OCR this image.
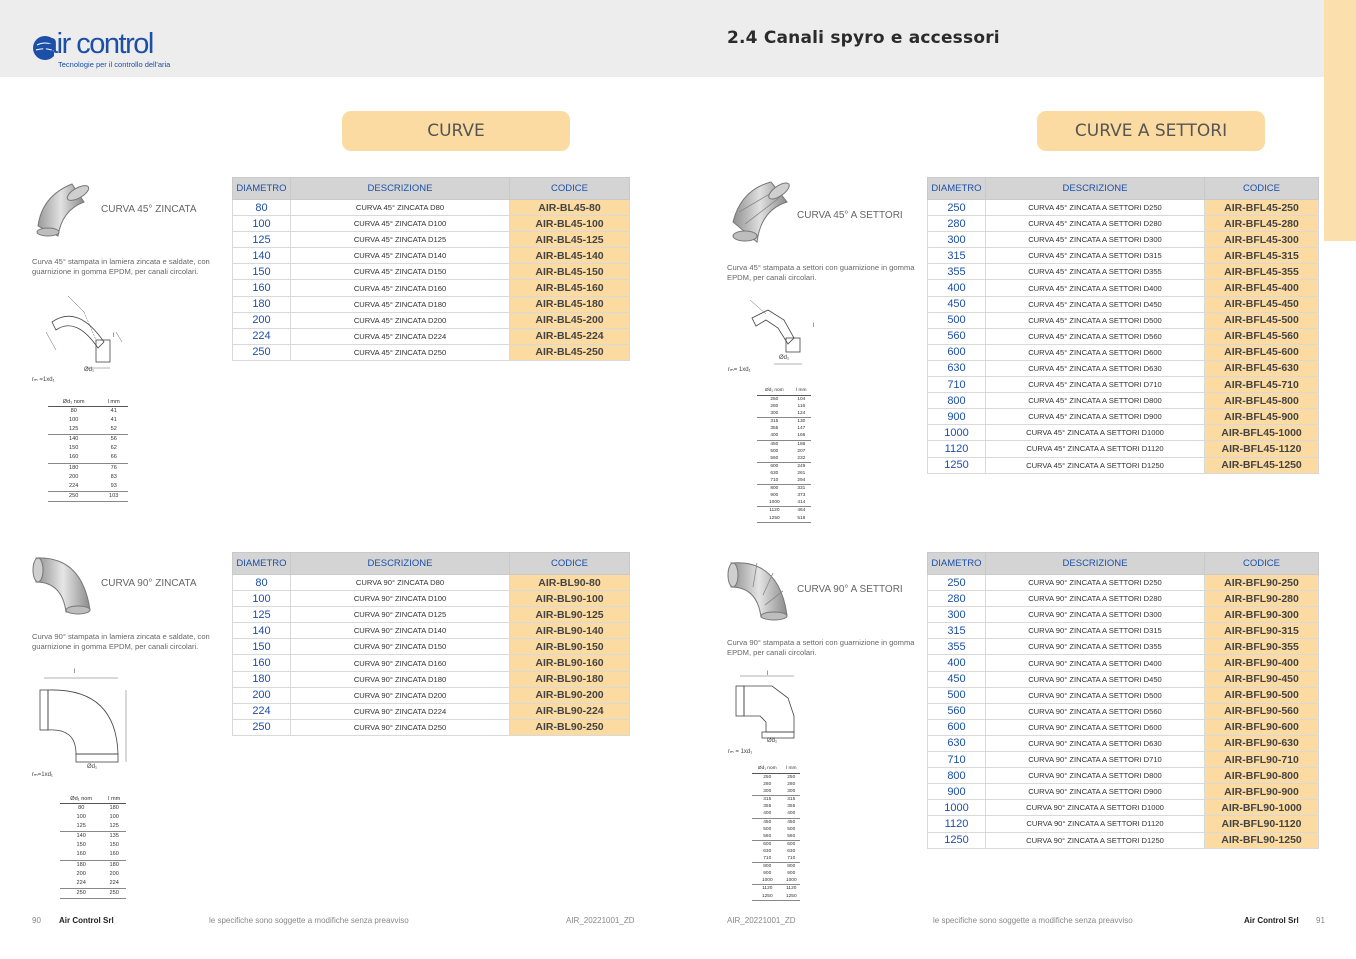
air control
Tecnologie per il controllo dell'aria
2.4 Canali spyro e accessori
CURVE	CURVE A SETTORI
CURVA 45° ZINCATA
Curva 45° stampata in lamiera zincata e saldate, con guarnizione in gomma EPDM, per canali circolari.
Ød₁
rₘ =1xd₁
l
Ød₁ nom	l mm
80	41
100	41
125	52
140	56
150	62
160	66
180	76
200	83
224	93
250	103
DIAMETRO	DESCRIZIONE	CODICE
80	CURVA 45° ZINCATA D80	AIR-BL45-80
100	CURVA 45° ZINCATA D100	AIR-BL45-100
125	CURVA 45° ZINCATA D125	AIR-BL45-125
140	CURVA 45° ZINCATA D140	AIR-BL45-140
150	CURVA 45° ZINCATA D150	AIR-BL45-150
160	CURVA 45° ZINCATA D160	AIR-BL45-160
180	CURVA 45° ZINCATA D180	AIR-BL45-180
200	CURVA 45° ZINCATA D200	AIR-BL45-200
224	CURVA 45° ZINCATA D224	AIR-BL45-224
250	CURVA 45° ZINCATA D250	AIR-BL45-250
CURVA 90° ZINCATA
Curva 90° stampata in lamiera zincata e saldate, con guarnizione in gomma EPDM, per canali circolari.
Ød₁
rₘ=1xd₁
l
Ød₁ nom	l mm
80	180
100	100
125	125
140	135
150	150
160	160
180	180
200	200
224	224
250	250
DIAMETRO	DESCRIZIONE	CODICE
80	CURVA 90° ZINCATA D80	AIR-BL90-80
100	CURVA 90° ZINCATA D100	AIR-BL90-100
125	CURVA 90° ZINCATA D125	AIR-BL90-125
140	CURVA 90° ZINCATA D140	AIR-BL90-140
150	CURVA 90° ZINCATA D150	AIR-BL90-150
160	CURVA 90° ZINCATA D160	AIR-BL90-160
180	CURVA 90° ZINCATA D180	AIR-BL90-180
200	CURVA 90° ZINCATA D200	AIR-BL90-200
224	CURVA 90° ZINCATA D224	AIR-BL90-224
250	CURVA 90° ZINCATA D250	AIR-BL90-250
CURVA 45° A SETTORI
Curva 45° stampata a settori con guarnizione in gomma EPDM, per canali circolari.
Ød₁
rₘ= 1xd₁
l
Ød₁ nom	l mm
250	104
280	116
300	124
315	130
355	147
400	166
450	186
500	207
560	232
600	249
630	261
710	294
800	331
900	373
1000	414
1120	464
1250	518
DIAMETRO	DESCRIZIONE	CODICE
250	CURVA 45° ZINCATA A SETTORI D250	AIR-BFL45-250
280	CURVA 45° ZINCATA A SETTORI D280	AIR-BFL45-280
300	CURVA 45° ZINCATA A SETTORI D300	AIR-BFL45-300
315	CURVA 45° ZINCATA A SETTORI D315	AIR-BFL45-315
355	CURVA 45° ZINCATA A SETTORI D355	AIR-BFL45-355
400	CURVA 45° ZINCATA A SETTORI D400	AIR-BFL45-400
450	CURVA 45° ZINCATA A SETTORI D450	AIR-BFL45-450
500	CURVA 45° ZINCATA A SETTORI D500	AIR-BFL45-500
560	CURVA 45° ZINCATA A SETTORI D560	AIR-BFL45-560
600	CURVA 45° ZINCATA A SETTORI D600	AIR-BFL45-600
630	CURVA 45° ZINCATA A SETTORI D630	AIR-BFL45-630
710	CURVA 45° ZINCATA A SETTORI D710	AIR-BFL45-710
800	CURVA 45° ZINCATA A SETTORI D800	AIR-BFL45-800
900	CURVA 45° ZINCATA A SETTORI D900	AIR-BFL45-900
1000	CURVA 45° ZINCATA A SETTORI D1000	AIR-BFL45-1000
1120	CURVA 45° ZINCATA A SETTORI D1120	AIR-BFL45-1120
1250	CURVA 45° ZINCATA A SETTORI D1250	AIR-BFL45-1250
CURVA 90° A SETTORI
Curva 90° stampata a settori con guarnizione in gomma EPDM, per canali circolari.
Ød₁
rₘ = 1xd₁
l
Ød₁ nom	l mm
250	250
280	280
300	300
315	315
355	355
400	400
450	450
500	500
560	560
600	600
630	630
710	710
800	800
900	900
1000	1000
1120	1120
1250	1250
DIAMETRO	DESCRIZIONE	CODICE
250	CURVA 90° ZINCATA A SETTORI D250	AIR-BFL90-250
280	CURVA 90° ZINCATA A SETTORI D280	AIR-BFL90-280
300	CURVA 90° ZINCATA A SETTORI D300	AIR-BFL90-300
315	CURVA 90° ZINCATA A SETTORI D315	AIR-BFL90-315
355	CURVA 90° ZINCATA A SETTORI D355	AIR-BFL90-355
400	CURVA 90° ZINCATA A SETTORI D400	AIR-BFL90-400
450	CURVA 90° ZINCATA A SETTORI D450	AIR-BFL90-450
500	CURVA 90° ZINCATA A SETTORI D500	AIR-BFL90-500
560	CURVA 90° ZINCATA A SETTORI D560	AIR-BFL90-560
600	CURVA 90° ZINCATA A SETTORI D600	AIR-BFL90-600
630	CURVA 90° ZINCATA A SETTORI D630	AIR-BFL90-630
710	CURVA 90° ZINCATA A SETTORI D710	AIR-BFL90-710
800	CURVA 90° ZINCATA A SETTORI D800	AIR-BFL90-800
900	CURVA 90° ZINCATA A SETTORI D900	AIR-BFL90-900
1000	CURVA 90° ZINCATA A SETTORI D1000	AIR-BFL90-1000
1120	CURVA 90° ZINCATA A SETTORI D1120	AIR-BFL90-1120
1250	CURVA 90° ZINCATA A SETTORI D1250	AIR-BFL90-1250
90 Air Control Srl	le specifiche sono soggette a modifiche senza preavviso	AIR_20221001_ZD	AIR_20221001_ZD	le specifiche sono soggette a modifiche senza preavviso	Air Control Srl 91
